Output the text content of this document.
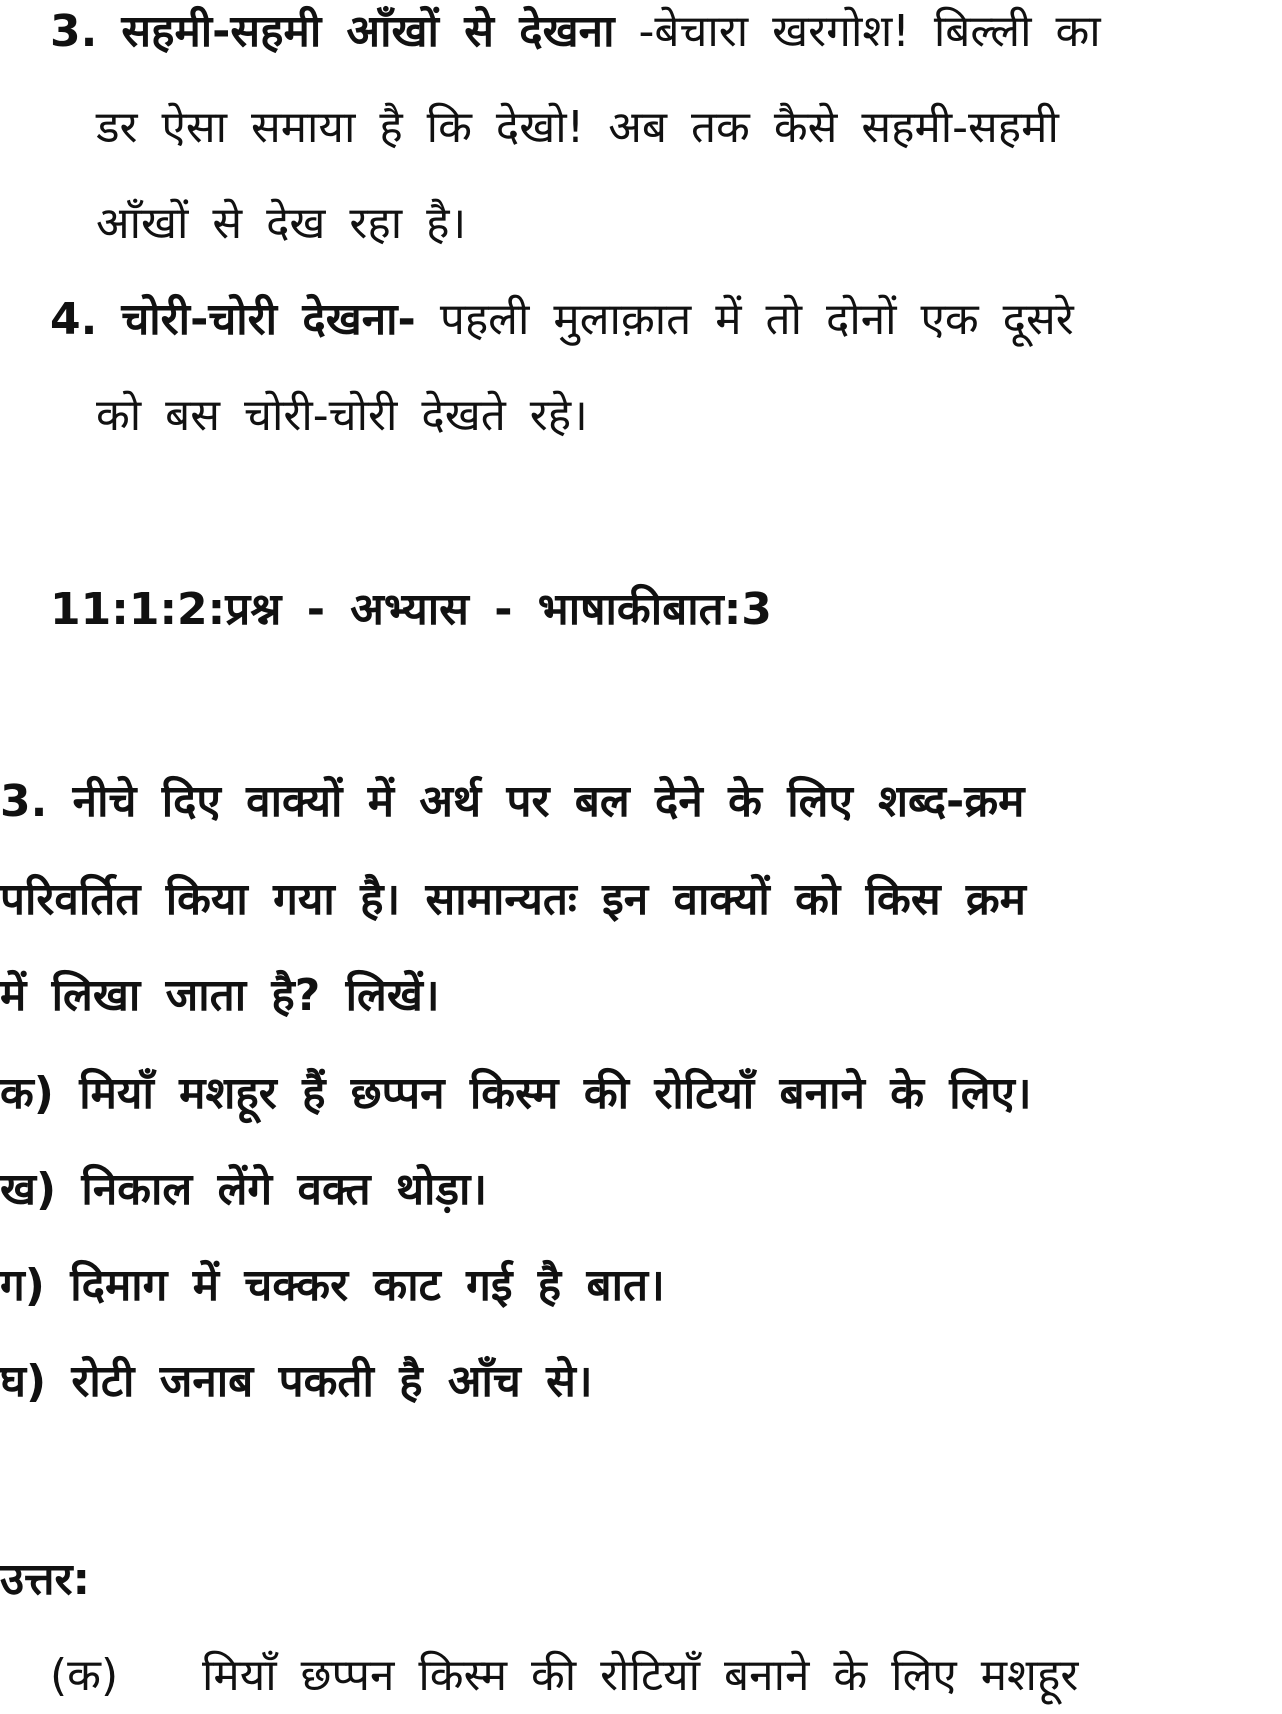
3. सहमी-सहमी आँखों से देखना -बेचारा खरगोश! बिल्ली का
डर ऐसा समाया है कि देखो! अब तक कैसे सहमी-सहमी
आँखों से देख रहा है।
4. चोरी-चोरी देखना- पहली मुलाक़ात में तो दोनों एक दूसरे
को बस चोरी-चोरी देखते रहे।
11:1:2:प्रश्न - अभ्यास - भाषाकीबात:3
3. नीचे दिए वाक्यों में अर्थ पर बल देने के लिए शब्द-क्रम
परिवर्तित किया गया है। सामान्यतः इन वाक्यों को किस क्रम
में लिखा जाता है? लिखें।
क) मियाँ मशहूर हैं छप्पन किस्म की रोटियाँ बनाने के लिए।
ख) निकाल लेंगे वक्त थोड़ा।
ग) दिमाग में चक्कर काट गई है बात।
घ) रोटी जनाब पकती है आँच से।
उत्तर:
(क) मियाँ छप्पन किस्म की रोटियाँ बनाने के लिए मशहूर
